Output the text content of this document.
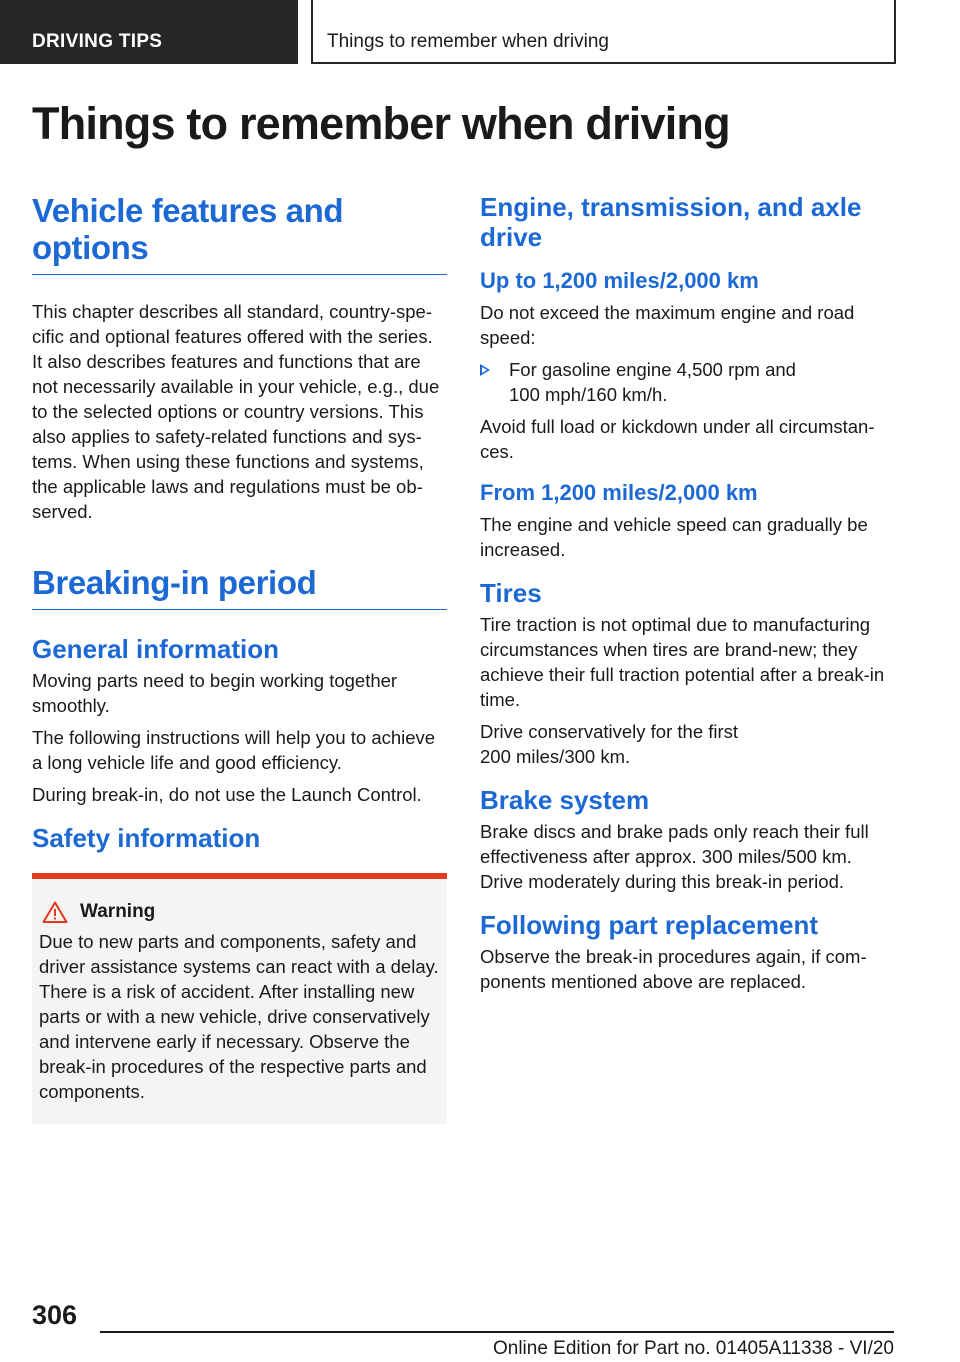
DRIVING TIPS	Things to remember when driving
Things to remember when driving
Vehicle features and
options

This chapter describes all standard, country-specific and optional features offered with the series. It also describes features and functions that are not necessarily available in your vehicle, e.g., due to the selected options or country versions. This also applies to safety-related functions and systems. When using these functions and systems, the applicable laws and regulations must be observed.

Breaking-in period
General information

Moving parts need to begin working together smoothly.

The following instructions will help you to achieve a long vehicle life and good efficiency.

During break-in, do not use the Launch Control.

Safety information
Warning

Due to new parts and components, safety and driver assistance systems can react with a delay. There is a risk of accident. After installing new parts or with a new vehicle, drive conservatively and intervene early if necessary. Observe the break-in procedures of the respective parts and components.

Engine, transmission, and axle drive
Up to 1,200 miles/2,000 km

Do not exceed the maximum engine and road speed:

For gasoline engine 4,500 rpm and
100 mph/160 km/h.

Avoid full load or kickdown under all circumstances.

From 1,200 miles/2,000 km

The engine and vehicle speed can gradually be increased.

Tires

Tire traction is not optimal due to manufacturing circumstances when tires are brand-new; they achieve their full traction potential after a break-in time.

Drive conservatively for the first
200 miles/300 km.

Brake system

Brake discs and brake pads only reach their full effectiveness after approx. 300 miles/500 km. Drive moderately during this break-in period.

Following part replacement

Observe the break-in procedures again, if components mentioned above are replaced.

306
Online Edition for Part no. 01405A11338 - VI/20
